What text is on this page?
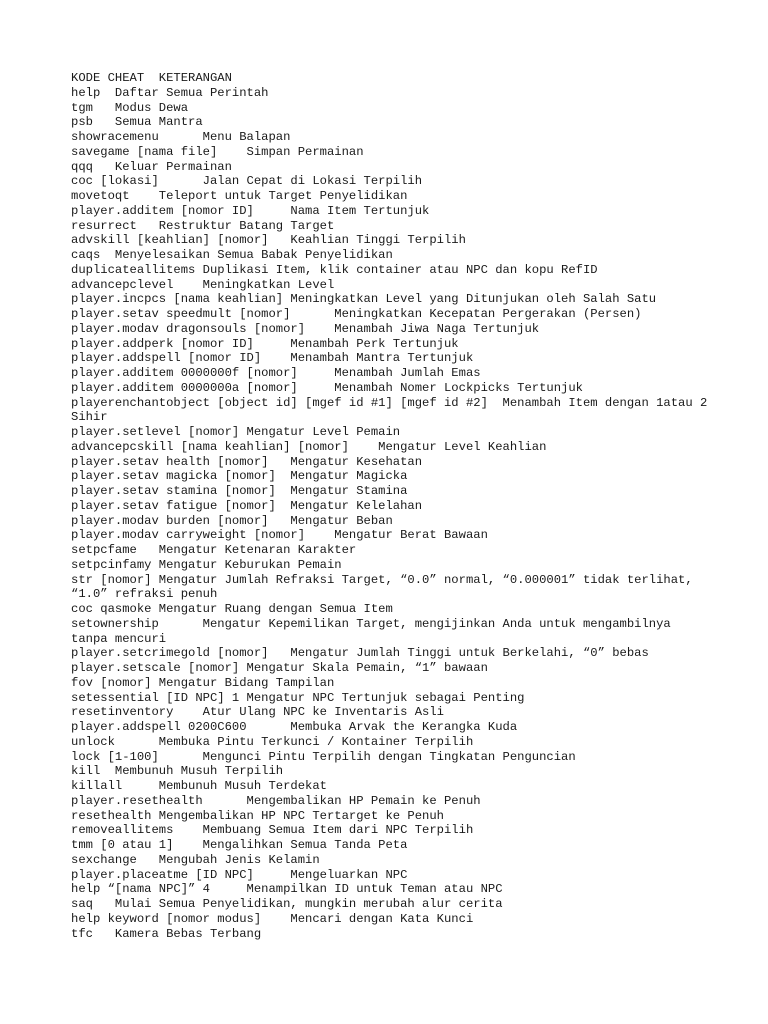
KODE CHEAT  KETERANGAN
help  Daftar Semua Perintah
tgm   Modus Dewa
psb   Semua Mantra
showracemenu      Menu Balapan
savegame [nama file]    Simpan Permainan
qqq   Keluar Permainan
coc [lokasi]      Jalan Cepat di Lokasi Terpilih
movetoqt    Teleport untuk Target Penyelidikan
player.additem [nomor ID]     Nama Item Tertunjuk
resurrect   Restruktur Batang Target
advskill [keahlian] [nomor]   Keahlian Tinggi Terpilih
caqs  Menyelesaikan Semua Babak Penyelidikan
duplicateallitems Duplikasi Item, klik container atau NPC dan kopu RefID
advancepclevel    Meningkatkan Level
player.incpcs [nama keahlian] Meningkatkan Level yang Ditunjukan oleh Salah Satu
player.setav speedmult [nomor]      Meningkatkan Kecepatan Pergerakan (Persen)
player.modav dragonsouls [nomor]    Menambah Jiwa Naga Tertunjuk
player.addperk [nomor ID]     Menambah Perk Tertunjuk
player.addspell [nomor ID]    Menambah Mantra Tertunjuk
player.additem 0000000f [nomor]     Menambah Jumlah Emas
player.additem 0000000a [nomor]     Menambah Nomer Lockpicks Tertunjuk
playerenchantobject [object id] [mgef id #1] [mgef id #2]  Menambah Item dengan 1atau 2 Sihir
player.setlevel [nomor] Mengatur Level Pemain
advancepcskill [nama keahlian] [nomor]    Mengatur Level Keahlian
player.setav health [nomor]   Mengatur Kesehatan
player.setav magicka [nomor]  Mengatur Magicka
player.setav stamina [nomor]  Mengatur Stamina
player.setav fatigue [nomor]  Mengatur Kelelahan
player.modav burden [nomor]   Mengatur Beban
player.modav carryweight [nomor]    Mengatur Berat Bawaan
setpcfame   Mengatur Ketenaran Karakter
setpcinfamy Mengatur Keburukan Pemain
str [nomor] Mengatur Jumlah Refraksi Target, “0.0” normal, “0.000001” tidak terlihat, “1.0” refraksi penuh
coc qasmoke Mengatur Ruang dengan Semua Item
setownership      Mengatur Kepemilikan Target, mengijinkan Anda untuk mengambilnya tanpa mencuri
player.setcrimegold [nomor]   Mengatur Jumlah Tinggi untuk Berkelahi, “0” bebas
player.setscale [nomor] Mengatur Skala Pemain, “1” bawaan
fov [nomor] Mengatur Bidang Tampilan
setessential [ID NPC] 1 Mengatur NPC Tertunjuk sebagai Penting
resetinventory    Atur Ulang NPC ke Inventaris Asli
player.addspell 0200C600      Membuka Arvak the Kerangka Kuda
unlock      Membuka Pintu Terkunci / Kontainer Terpilih
lock [1-100]      Mengunci Pintu Terpilih dengan Tingkatan Penguncian
kill  Membunuh Musuh Terpilih
killall     Membunuh Musuh Terdekat
player.resethealth      Mengembalikan HP Pemain ke Penuh
resethealth Mengembalikan HP NPC Tertarget ke Penuh
removeallitems    Membuang Semua Item dari NPC Terpilih
tmm [0 atau 1]    Mengalihkan Semua Tanda Peta
sexchange   Mengubah Jenis Kelamin
player.placeatme [ID NPC]     Mengeluarkan NPC
help “[nama NPC]” 4     Menampilkan ID untuk Teman atau NPC
saq   Mulai Semua Penyelidikan, mungkin merubah alur cerita
help keyword [nomor modus]    Mencari dengan Kata Kunci
tfc   Kamera Bebas Terbang
